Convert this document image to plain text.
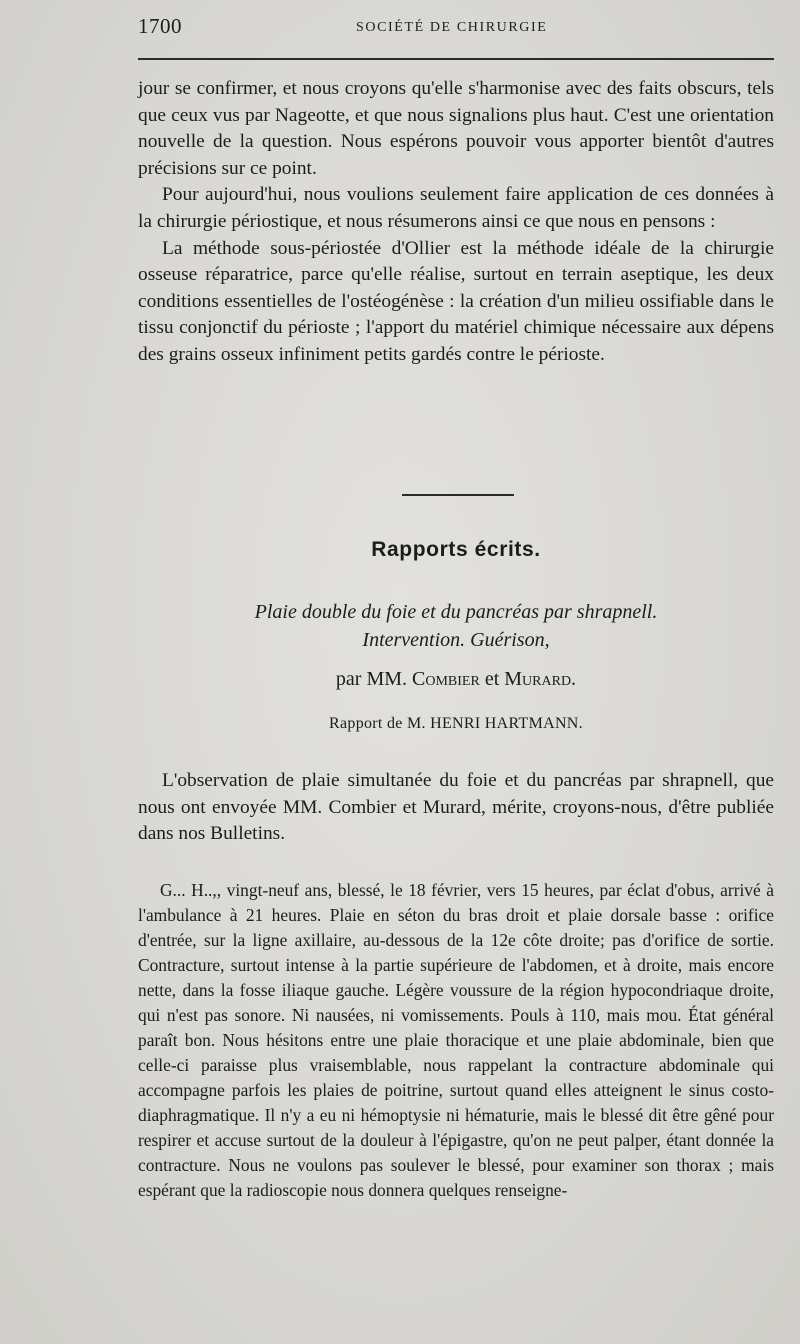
1700	SOCIÉTÉ DE CHIRURGIE

jour se confirmer, et nous croyons qu'elle s'harmonise avec des faits obscurs, tels que ceux vus par Nageotte, et que nous signalions plus haut. C'est une orientation nouvelle de la question. Nous espérons pouvoir vous apporter bientôt d'autres précisions sur ce point.

Pour aujourd'hui, nous voulions seulement faire application de ces données à la chirurgie périostique, et nous résumerons ainsi ce que nous en pensons :

La méthode sous-périostée d'Ollier est la méthode idéale de la chirurgie osseuse réparatrice, parce qu'elle réalise, surtout en terrain aseptique, les deux conditions essentielles de l'ostéogénèse : la création d'un milieu ossifiable dans le tissu conjonctif du périoste ; l'apport du matériel chimique nécessaire aux dépens des grains osseux infiniment petits gardés contre le périoste.

Rapports écrits.
Plaie double du foie et du pancréas par shrapnell.
Intervention. Guérison,
par MM. Combier et Murard.
Rapport de M. HENRI HARTMANN.

L'observation de plaie simultanée du foie et du pancréas par shrapnell, que nous ont envoyée MM. Combier et Murard, mérite, croyons-nous, d'être publiée dans nos Bulletins.

G... H..,, vingt-neuf ans, blessé, le 18 février, vers 15 heures, par éclat d'obus, arrivé à l'ambulance à 21 heures. Plaie en séton du bras droit et plaie dorsale basse : orifice d'entrée, sur la ligne axillaire, au-dessous de la 12e côte droite; pas d'orifice de sortie. Contracture, surtout intense à la partie supérieure de l'abdomen, et à droite, mais encore nette, dans la fosse iliaque gauche. Légère voussure de la région hypocondriaque droite, qui n'est pas sonore. Ni nausées, ni vomissements. Pouls à 110, mais mou. État général paraît bon. Nous hésitons entre une plaie thoracique et une plaie abdominale, bien que celle-ci paraisse plus vraisemblable, nous rappelant la contracture abdominale qui accompagne parfois les plaies de poitrine, surtout quand elles atteignent le sinus costo-diaphragmatique. Il n'y a eu ni hémoptysie ni hématurie, mais le blessé dit être gêné pour respirer et accuse surtout de la douleur à l'épigastre, qu'on ne peut palper, étant donnée la contracture. Nous ne voulons pas soulever le blessé, pour examiner son thorax ; mais espérant que la radioscopie nous donnera quelques renseigne-
